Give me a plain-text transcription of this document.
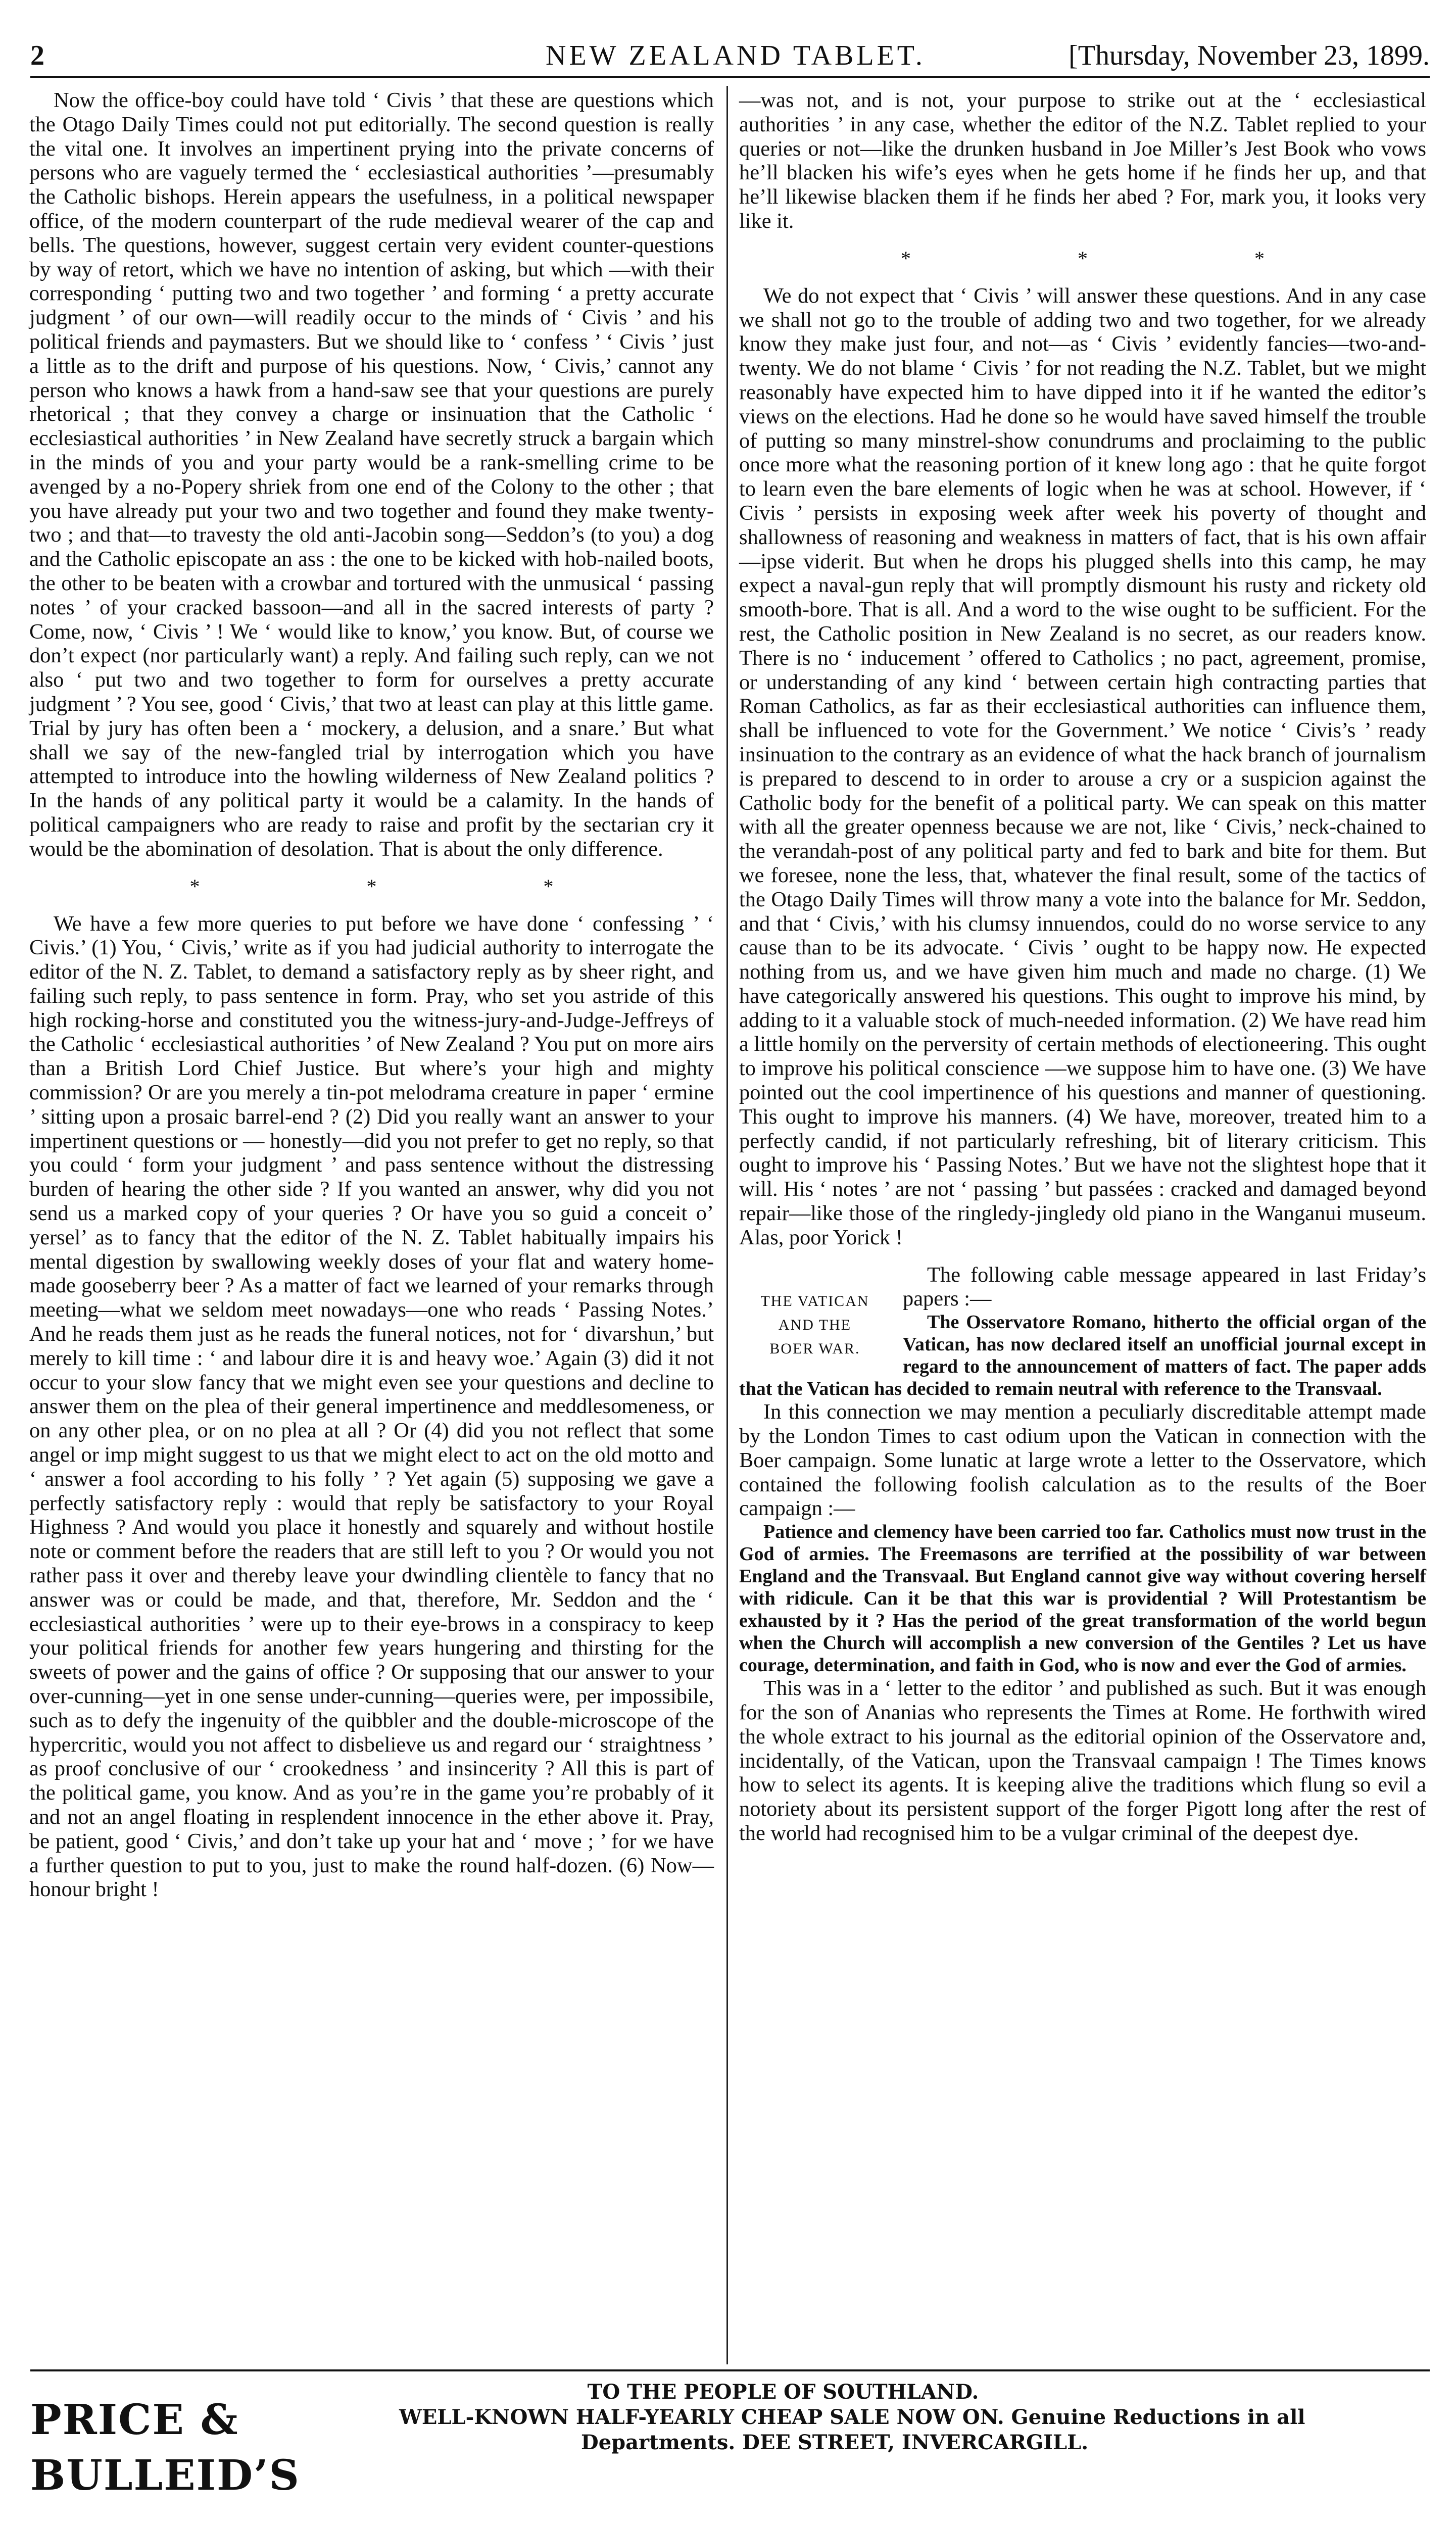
2	NEW ZEALAND TABLET.	[Thursday, November 23, 1899.

Now the office-boy could have told ‘ Civis ’ that these are questions which the Otago Daily Times could not put editorially. The second question is really the vital one. It involves an impertinent prying into the private concerns of persons who are vaguely termed the ‘ ecclesiastical authorities ’—presumably the Catholic bishops. Herein appears the usefulness, in a political newspaper office, of the modern counterpart of the rude medieval wearer of the cap and bells. The questions, however, suggest certain very evident counter-questions by way of retort, which we have no intention of asking, but which —with their corresponding ‘ putting two and two together ’ and forming ‘ a pretty accurate judgment ’ of our own—will readily occur to the minds of ‘ Civis ’ and his political friends and paymasters. But we should like to ‘ confess ’ ‘ Civis ’ just a little as to the drift and purpose of his questions. Now, ‘ Civis,’ cannot any person who knows a hawk from a hand-saw see that your questions are purely rhetorical ; that they convey a charge or insinuation that the Catholic ‘ ecclesiastical authorities ’ in New Zealand have secretly struck a bargain which in the minds of you and your party would be a rank-smelling crime to be avenged by a no-Popery shriek from one end of the Colony to the other ; that you have already put your two and two together and found they make twenty-two ; and that—to travesty the old anti-Jacobin song—Seddon’s (to you) a dog and the Catholic episcopate an ass : the one to be kicked with hob-nailed boots, the other to be beaten with a crowbar and tortured with the unmusical ‘ passing notes ’ of your cracked bassoon—and all in the sacred interests of party ? Come, now, ‘ Civis ’ ! We ‘ would like to know,’ you know. But, of course we don’t expect (nor particularly want) a reply. And failing such reply, can we not also ‘ put two and two together to form for ourselves a pretty accurate judgment ’ ? You see, good ‘ Civis,’ that two at least can play at this little game. Trial by jury has often been a ‘ mockery, a delusion, and a snare.’ But what shall we say of the new-fangled trial by interrogation which you have attempted to introduce into the howling wilderness of New Zealand politics ? In the hands of any political party it would be a calamity. In the hands of political campaigners who are ready to raise and profit by the sectarian cry it would be the abomination of desolation. That is about the only difference.

* * *

We have a few more queries to put before we have done ‘ confessing ’ ‘ Civis.’ (1) You, ‘ Civis,’ write as if you had judicial authority to interrogate the editor of the N. Z. Tablet, to demand a satisfactory reply as by sheer right, and failing such reply, to pass sentence in form. Pray, who set you astride of this high rocking-horse and constituted you the witness-jury-and-Judge-Jeffreys of the Catholic ‘ ecclesiastical authorities ’ of New Zealand ? You put on more airs than a British Lord Chief Justice. But where’s your high and mighty commission? Or are you merely a tin-pot melodrama creature in paper ‘ ermine ’ sitting upon a prosaic barrel-end ? (2) Did you really want an answer to your impertinent questions or — honestly—did you not prefer to get no reply, so that you could ‘ form your judgment ’ and pass sentence without the distressing burden of hearing the other side ? If you wanted an answer, why did you not send us a marked copy of your queries ? Or have you so guid a conceit o’ yersel’ as to fancy that the editor of the N. Z. Tablet habitually impairs his mental digestion by swallowing weekly doses of your flat and watery home-made gooseberry beer ? As a matter of fact we learned of your remarks through meeting—what we seldom meet nowadays—one who reads ‘ Passing Notes.’ And he reads them just as he reads the funeral notices, not for ‘ divarshun,’ but merely to kill time : ‘ and labour dire it is and heavy woe.’ Again (3) did it not occur to your slow fancy that we might even see your questions and decline to answer them on the plea of their general impertinence and meddlesomeness, or on any other plea, or on no plea at all ? Or (4) did you not reflect that some angel or imp might suggest to us that we might elect to act on the old motto and ‘ answer a fool according to his folly ’ ? Yet again (5) supposing we gave a perfectly satisfactory reply : would that reply be satisfactory to your Royal Highness ? And would you place it honestly and squarely and without hostile note or comment before the readers that are still left to you ? Or would you not rather pass it over and thereby leave your dwindling clientèle to fancy that no answer was or could be made, and that, therefore, Mr. Seddon and the ‘ ecclesiastical authorities ’ were up to their eye-brows in a conspiracy to keep your political friends for another few years hungering and thirsting for the sweets of power and the gains of office ? Or supposing that our answer to your over-cunning—yet in one sense under-cunning—queries were, per impossibile, such as to defy the ingenuity of the quibbler and the double-microscope of the hypercritic, would you not affect to disbelieve us and regard our ‘ straightness ’ as proof conclusive of our ‘ crookedness ’ and insincerity ? All this is part of the political game, you know. And as you’re in the game you’re probably of it and not an angel floating in resplendent innocence in the ether above it. Pray, be patient, good ‘ Civis,’ and don’t take up your hat and ‘ move ; ’ for we have a further question to put to you, just to make the round half-dozen. (6) Now—honour bright !

—was not, and is not, your purpose to strike out at the ‘ ecclesiastical authorities ’ in any case, whether the editor of the N.Z. Tablet replied to your queries or not—like the drunken husband in Joe Miller’s Jest Book who vows he’ll blacken his wife’s eyes when he gets home if he finds her up, and that he’ll likewise blacken them if he finds her abed ? For, mark you, it looks very like it.

* * *

We do not expect that ‘ Civis ’ will answer these questions. And in any case we shall not go to the trouble of adding two and two together, for we already know they make just four, and not—as ‘ Civis ’ evidently fancies—two-and-twenty. We do not blame ‘ Civis ’ for not reading the N.Z. Tablet, but we might reasonably have expected him to have dipped into it if he wanted the editor’s views on the elections. Had he done so he would have saved himself the trouble of putting so many minstrel-show conundrums and proclaiming to the public once more what the reasoning portion of it knew long ago : that he quite forgot to learn even the bare elements of logic when he was at school. However, if ‘ Civis ’ persists in exposing week after week his poverty of thought and shallowness of reasoning and weakness in matters of fact, that is his own affair—ipse viderit. But when he drops his plugged shells into this camp, he may expect a naval-gun reply that will promptly dismount his rusty and rickety old smooth-bore. That is all. And a word to the wise ought to be sufficient. For the rest, the Catholic position in New Zealand is no secret, as our readers know. There is no ‘ inducement ’ offered to Catholics ; no pact, agreement, promise, or understanding of any kind ‘ between certain high contracting parties that Roman Catholics, as far as their ecclesiastical authorities can influence them, shall be influenced to vote for the Government.’ We notice ‘ Civis’s ’ ready insinuation to the contrary as an evidence of what the hack branch of journalism is prepared to descend to in order to arouse a cry or a suspicion against the Catholic body for the benefit of a political party. We can speak on this matter with all the greater openness because we are not, like ‘ Civis,’ neck-chained to the verandah-post of any political party and fed to bark and bite for them. But we foresee, none the less, that, whatever the final result, some of the tactics of the Otago Daily Times will throw many a vote into the balance for Mr. Seddon, and that ‘ Civis,’ with his clumsy innuendos, could do no worse service to any cause than to be its advocate. ‘ Civis ’ ought to be happy now. He expected nothing from us, and we have given him much and made no charge. (1) We have categorically answered his questions. This ought to improve his mind, by adding to it a valuable stock of much-needed information. (2) We have read him a little homily on the perversity of certain methods of electioneering. This ought to improve his political conscience —we suppose him to have one. (3) We have pointed out the cool impertinence of his questions and manner of questioning. This ought to improve his manners. (4) We have, moreover, treated him to a perfectly candid, if not particularly refreshing, bit of literary criticism. This ought to improve his ‘ Passing Notes.’ But we have not the slightest hope that it will. His ‘ notes ’ are not ‘ passing ’ but passées : cracked and damaged beyond repair—like those of the ringledy-jingledy old piano in the Wanganui museum. Alas, poor Yorick !

THE VATICAN
AND THE
BOER WAR.

The following cable message appeared in last Friday’s papers :—

The Osservatore Romano, hitherto the official organ of the Vatican, has now declared itself an unofficial journal except in regard to the announcement of matters of fact. The paper adds that the Vatican has decided to remain neutral with reference to the Transvaal.

In this connection we may mention a peculiarly discreditable attempt made by the London Times to cast odium upon the Vatican in connection with the Boer campaign. Some lunatic at large wrote a letter to the Osservatore, which contained the following foolish calculation as to the results of the Boer campaign :—

Patience and clemency have been carried too far. Catholics must now trust in the God of armies. The Freemasons are terrified at the possibility of war between England and the Transvaal. But England cannot give way without covering herself with ridicule. Can it be that this war is providential ? Will Protestantism be exhausted by it ? Has the period of the great transformation of the world begun when the Church will accomplish a new conversion of the Gentiles ? Let us have courage, determination, and faith in God, who is now and ever the God of armies.

This was in a ‘ letter to the editor ’ and published as such. But it was enough for the son of Ananias who represents the Times at Rome. He forthwith wired the whole extract to his journal as the editorial opinion of the Osservatore and, incidentally, of the Vatican, upon the Transvaal campaign ! The Times knows how to select its agents. It is keeping alive the traditions which flung so evil a notoriety about its persistent support of the forger Pigott long after the rest of the world had recognised him to be a vulgar criminal of the deepest dye.

PRICE & BULLEID’S
TO THE PEOPLE OF SOUTHLAND.
WELL-KNOWN HALF-YEARLY CHEAP SALE NOW ON. Genuine Reductions in all
Departments. DEE STREET, INVERCARGILL.
